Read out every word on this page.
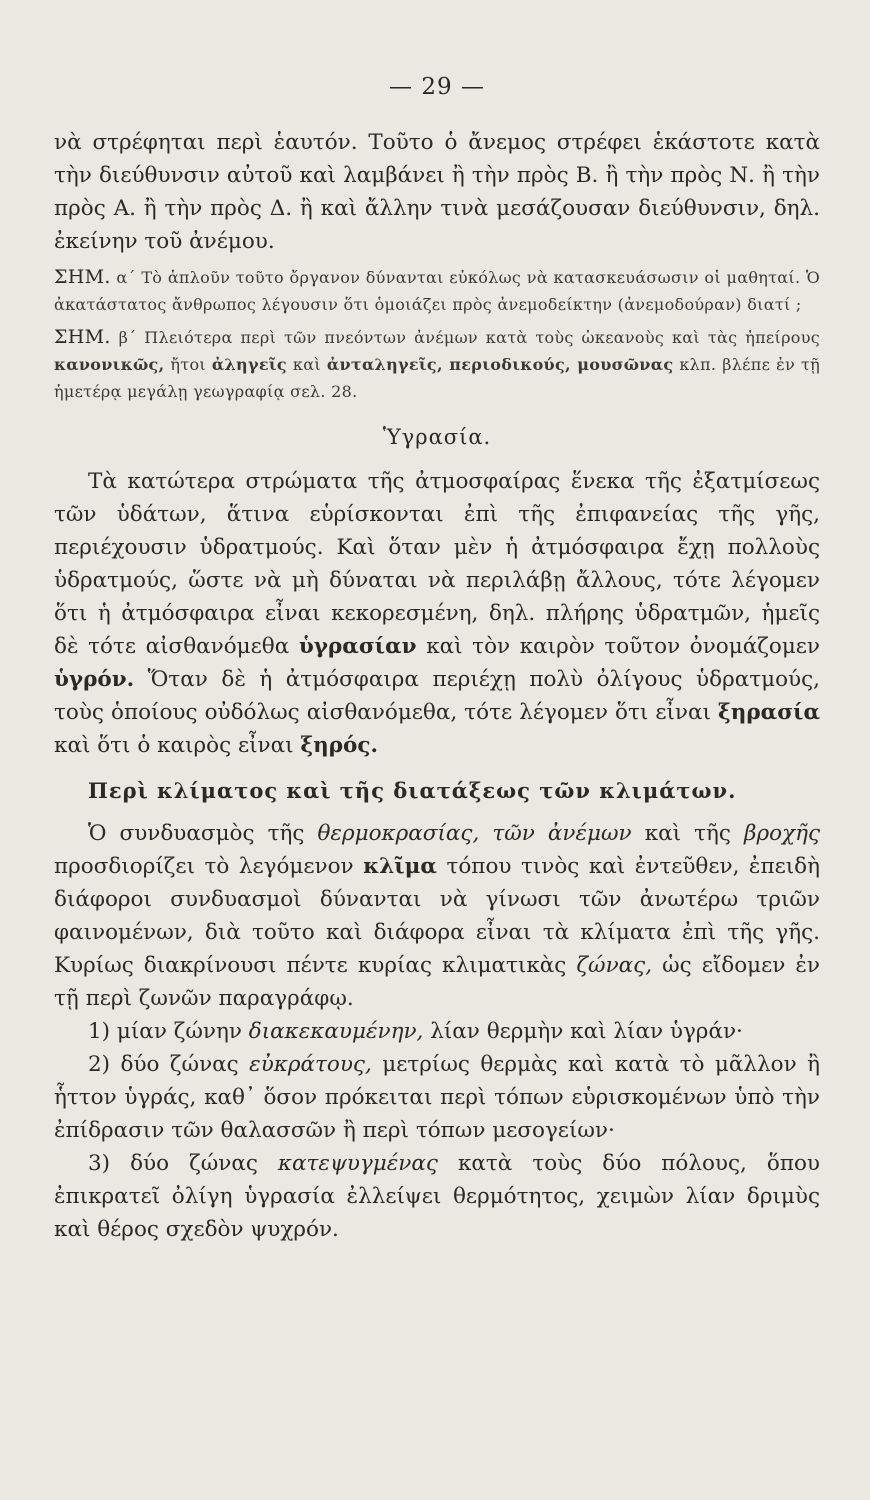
— 29 —

νὰ στρέφηται περὶ ἑαυτόν. Τοῦτο ὁ ἄνεμος στρέφει ἑκάστοτε κατὰ τὴν διεύθυνσιν αὐτοῦ καὶ λαμβάνει ἢ τὴν πρὸς Β. ἢ τὴν πρὸς Ν. ἢ τὴν πρὸς Α. ἢ τὴν πρὸς Δ. ἢ καὶ ἄλλην τινὰ μεσάζουσαν διεύθυνσιν, δηλ. ἐκείνην τοῦ ἀνέμου.

ΣΗΜ. α΄ Τὸ ἁπλοῦν τοῦτο ὄργανον δύνανται εὐκόλως νὰ κατασκευάσωσιν οἱ μαθηταί. Ὁ ἀκατάστατος ἄνθρωπος λέγουσιν ὅτι ὁμοιάζει πρὸς ἀνεμοδείκτην (ἀνεμοδούραν) διατί ;

ΣΗΜ. β΄ Πλειότερα περὶ τῶν πνεόντων ἀνέμων κατὰ τοὺς ὠκεανοὺς καὶ τὰς ἠπείρους κανονικῶς, ἤτοι ἀληγεῖς καὶ ἀνταληγεῖς, περιοδικούς, μουσῶνας κλπ. βλέπε ἐν τῇ ἡμετέρᾳ μεγάλῃ γεωγραφίᾳ σελ. 28.

Ὑγρασία.

Τὰ κατώτερα στρώματα τῆς ἀτμοσφαίρας ἕνεκα τῆς ἐξατμίσεως τῶν ὑδάτων, ἅτινα εὑρίσκονται ἐπὶ τῆς ἐπιφανείας τῆς γῆς, περιέχουσιν ὑδρατμούς. Καὶ ὅταν μὲν ἡ ἀτμόσφαιρα ἔχῃ πολλοὺς ὑδρατμούς, ὥστε νὰ μὴ δύναται νὰ περιλάβῃ ἄλλους, τότε λέγομεν ὅτι ἡ ἀτμόσφαιρα εἶναι κεκορεσμένη, δηλ. πλήρης ὑδρατμῶν, ἡμεῖς δὲ τότε αἰσθανόμεθα ὑγρασίαν καὶ τὸν καιρὸν τοῦτον ὀνομάζομεν ὑγρόν. Ὅταν δὲ ἡ ἀτμόσφαιρα περιέχῃ πολὺ ὀλίγους ὑδρατμούς, τοὺς ὁποίους οὐδόλως αἰσθανόμεθα, τότε λέγομεν ὅτι εἶναι ξηρασία καὶ ὅτι ὁ καιρὸς εἶναι ξηρός.

Περὶ κλίματος καὶ τῆς διατάξεως τῶν κλιμάτων.

Ὁ συνδυασμὸς τῆς θερμοκρασίας, τῶν ἀνέμων καὶ τῆς βροχῆς προσδιορίζει τὸ λεγόμενον κλῖμα τόπου τινὸς καὶ ἐντεῦθεν, ἐπειδὴ διάφοροι συνδυασμοὶ δύνανται νὰ γίνωσι τῶν ἀνωτέρω τριῶν φαινομένων, διὰ τοῦτο καὶ διάφορα εἶναι τὰ κλίματα ἐπὶ τῆς γῆς. Κυρίως διακρίνουσι πέντε κυρίας κλιματικὰς ζώνας, ὡς εἴδομεν ἐν τῇ περὶ ζωνῶν παραγράφῳ.

1) μίαν ζώνην διακεκαυμένην, λίαν θερμὴν καὶ λίαν ὑγράν·

2) δύο ζώνας εὐκράτους, μετρίως θερμὰς καὶ κατὰ τὸ μᾶλλον ἢ ἧττον ὑγράς, καθ᾽ ὅσον πρόκειται περὶ τόπων εὑρισκομένων ὑπὸ τὴν ἐπίδρασιν τῶν θαλασσῶν ἢ περὶ τόπων μεσογείων·

3) δύο ζώνας κατεψυγμένας κατὰ τοὺς δύο πόλους, ὅπου ἐπικρατεῖ ὀλίγη ὑγρασία ἐλλείψει θερμότητος, χειμὼν λίαν δριμὺς καὶ θέρος σχεδὸν ψυχρόν.
